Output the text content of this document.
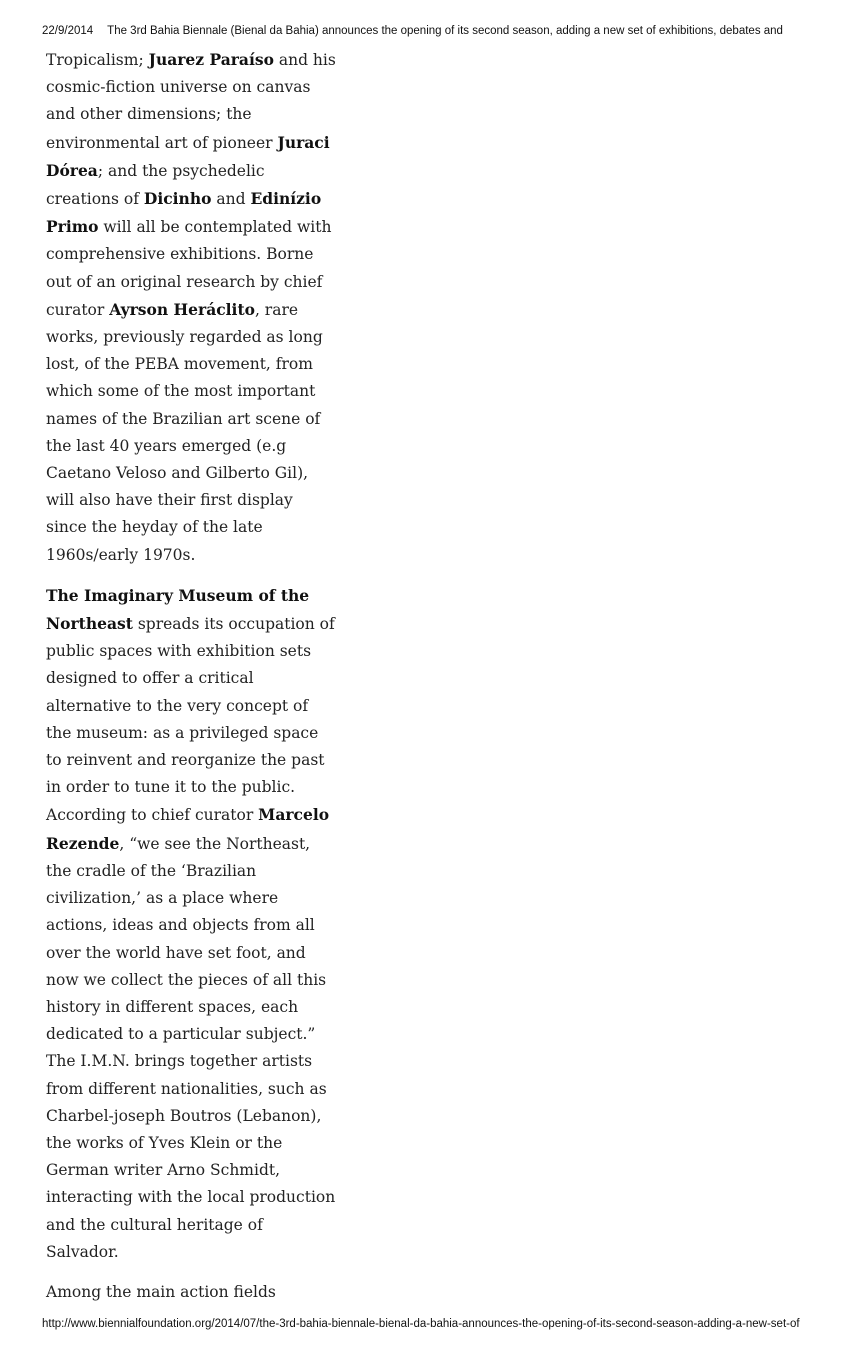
22/9/2014 The 3rd Bahia Biennale (Bienal da Bahia) announces the opening of its second season, adding a new set of exhibitions, debates and

Tropicalism; Juarez Paraíso and his cosmic-fiction universe on canvas and other dimensions; the environmental art of pioneer Juraci Dórea; and the psychedelic creations of Dicinho and Edinízio Primo will all be contemplated with comprehensive exhibitions. Borne out of an original research by chief curator Ayrson Heráclito, rare works, previously regarded as long lost, of the PEBA movement, from which some of the most important names of the Brazilian art scene of the last 40 years emerged (e.g Caetano Veloso and Gilberto Gil), will also have their first display since the heyday of the late 1960s/early 1970s.

The Imaginary Museum of the Northeast spreads its occupation of public spaces with exhibition sets designed to offer a critical alternative to the very concept of the museum: as a privileged space to reinvent and reorganize the past in order to tune it to the public. According to chief curator Marcelo Rezende, “we see the Northeast, the cradle of the ‘Brazilian civilization,’ as a place where actions, ideas and objects from all over the world have set foot, and now we collect the pieces of all this history in different spaces, each dedicated to a particular subject.” The I.M.N. brings together artists from different nationalities, such as Charbel-joseph Boutros (Lebanon), the works of Yves Klein or the German writer Arno Schmidt, interacting with the local production and the cultural heritage of Salvador.

Among the main action fields

http://www.biennialfoundation.org/2014/07/the-3rd-bahia-biennale-bienal-da-bahia-announces-the-opening-of-its-second-season-adding-a-new-set-of
